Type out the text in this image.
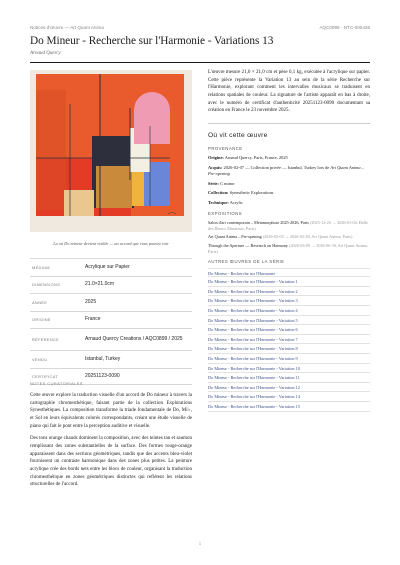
Notices d'œuvre — Art Quant Anima	AQC0899 · NTC-000436
Do Mineur - Recherche sur l'Harmonie - Variations 13
Arnaud Quercy
La où Do mineur devient visible — un accord que vous pouvez voir
MÉDIUM	Acrylique sur Papier
DIMENSIONS	21.0×21.0cm
ANNÉE	2025
ORIGINE	France
RÉFÉRENCE	Arnaud Quercy Creations / AQC0899 / 2025
VENDU	Istanbul, Turkey
CERTIFICAT	20251123-0090
NOTES CURATORIALES

Cette œuvre explore la traduction visuelle d'un accord de Do mineur à travers la cartographie chromesthétique, faisant partie de la collection Explorations Synesthétiques. La composition transforme la triade fondamentale de Do, Mi♭, et Sol en leurs équivalents colorés correspondants, créant une étude visuelle de piano qui fait le pont entre la perception auditive et visuelle.

Des tons orange chauds dominent la composition, avec des teintes tan et saumon remplissant des zones substantielles de la surface. Des formes rouge-orange apparaissent dans des sections géométriques, tandis que des accents bleu-violet fournissent un contraste harmonique dans des zones plus petites. La peinture acrylique crée des bords nets entre les blocs de couleur, organisant la traduction chromesthétique en zones géométriques distinctes qui reflètent les relations structurelles de l'accord.

L'œuvre mesure 21,0 × 21,0 cm et pèse 0,1 kg, exécutée à l'acrylique sur papier. Cette pièce représente la Variation 13 au sein de la série Recherche sur l'Harmonie, explorant comment les intervalles musicaux se traduisent en relations spatiales de couleur. La signature de l'artiste apparaît en bas à droite, avec le numéro de certificat d'authenticité 20251123-0090 documentant sa création en France le 23 novembre 2025.
Où vit cette œuvre
PROVENANCE
Origine: Arnaud Quercy, Paris, France, 2025
Acquis: 2026-02-07 — Collection privée — Istanbul, Turkey lors de Art Quant Anima – Pre-opening
Série: C minor
Collection: Synesthetic Explorations
Technique: Acrylic
EXPOSITIONS
Salon d'art contemporain – Metamorphose 2025-2026, Paris (2025-12-26 → 2026-01-04, Halle des Blancs Manteaux, Paris)
Art Quant Anima – Pre-opening (2026-02-03 → 2026-02-28, Art Quant Anima, Paris)
Through the Aperture — Research on Harmony (2026-03-09 → 2026-06-30, Art Quant Anima, Paris)
AUTRES ŒUVRES DE LA SÉRIE
Do Mineur - Recherche sur l'Harmonie
Do Mineur - Recherche sur l'Harmonie - Variation 1
Do Mineur - Recherche sur l'Harmonie - Variation 2
Do Mineur - Recherche sur l'Harmonie - Variation 3
Do Mineur - Recherche sur l'Harmonie - Variation 4
Do Mineur - Recherche sur l'Harmonie - Variation 5
Do Mineur - Recherche sur l'Harmonie - Variation 6
Do Mineur - Recherche sur l'Harmonie - Variation 7
Do Mineur - Recherche sur l'Harmonie - Variation 8
Do Mineur - Recherche sur l'Harmonie - Variation 9
Do Mineur - Recherche sur l'Harmonie - Variation 10
Do Mineur - Recherche sur l'Harmonie - Variation 11
Do Mineur - Recherche sur l'Harmonie - Variation 12
Do Mineur - Recherche sur l'Harmonie - Variation 14
Do Mineur - Recherche sur l'Harmonie - Variation 15
1
